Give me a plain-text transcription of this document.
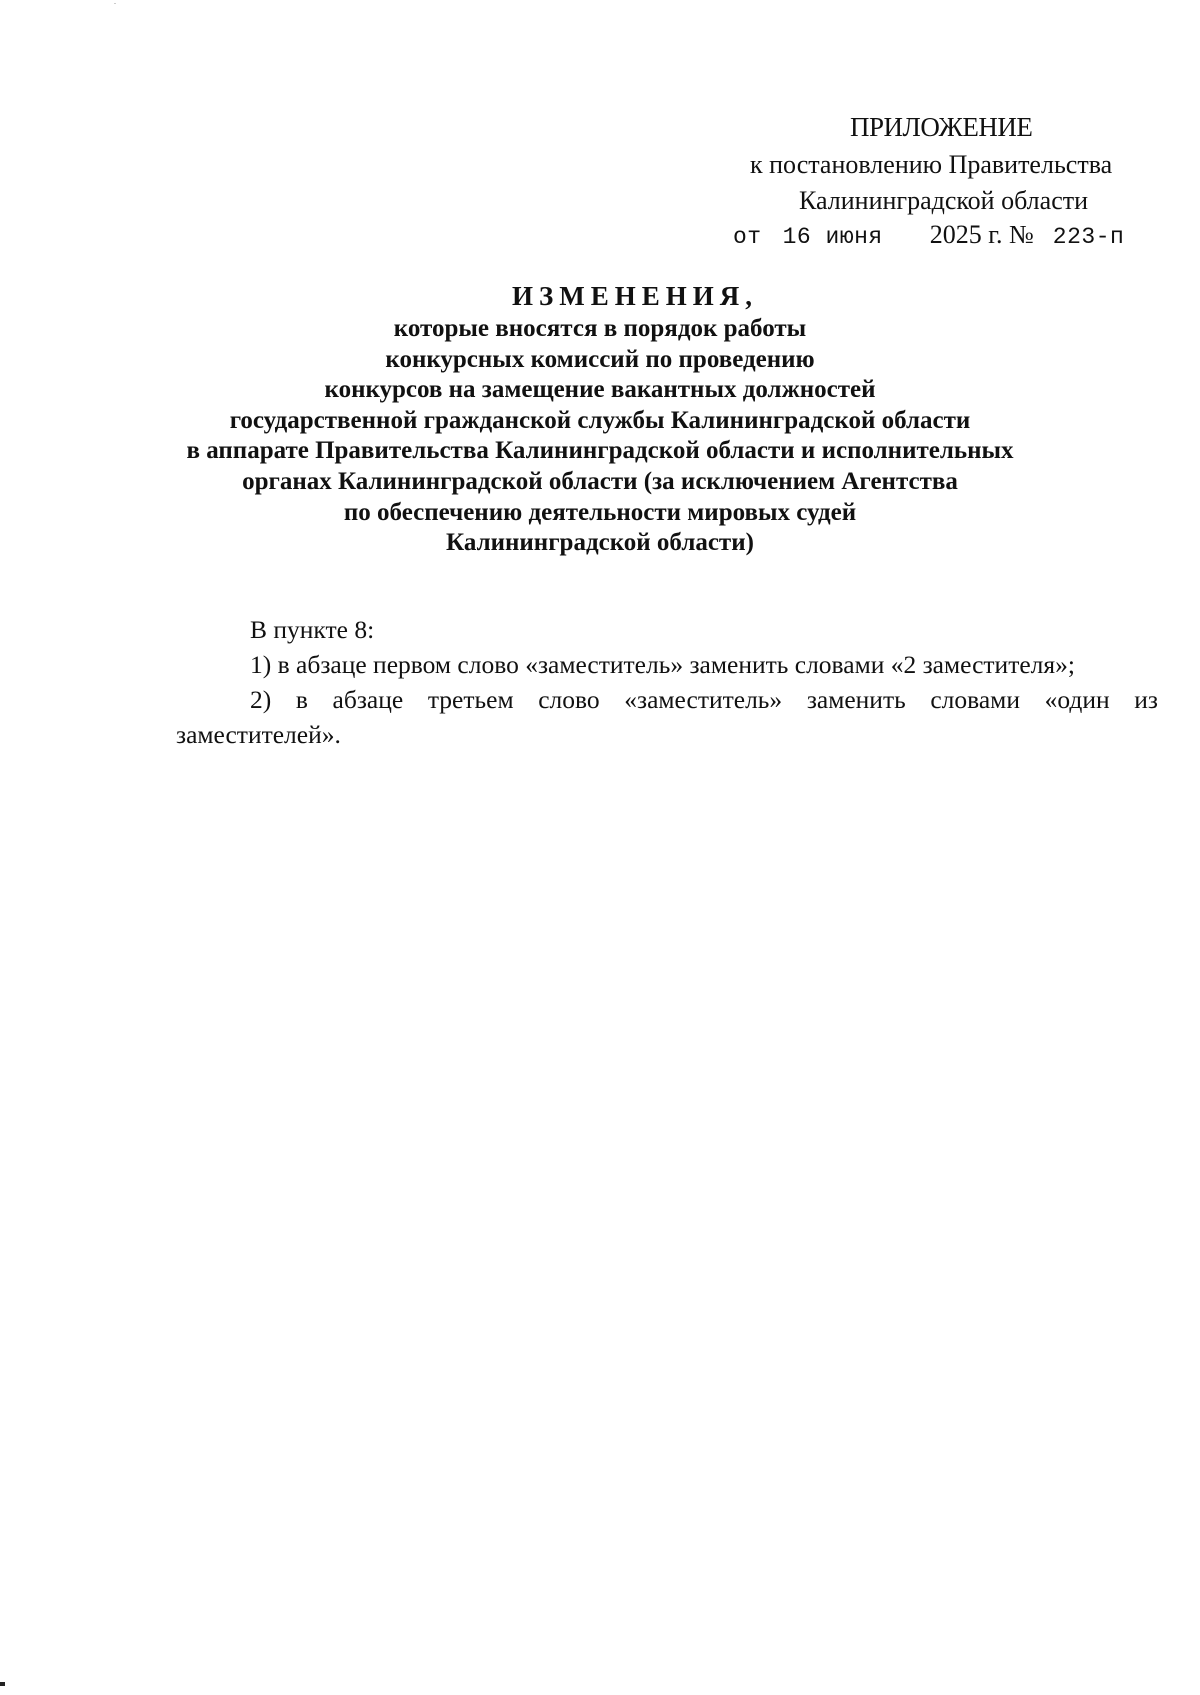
ПРИЛОЖЕНИЕ
к постановлению Правительства
Калининградской области
от 16 июня 2025 г. № 223-п
ИЗМЕНЕНИЯ,
которые вносятся в порядок работы
конкурсных комиссий по проведению
конкурсов на замещение вакантных должностей
государственной гражданской службы Калининградской области
в аппарате Правительства Калининградской области и исполнительных
органах Калининградской области (за исключением Агентства
по обеспечению деятельности мировых судей
Калининградской области)

В пункте 8:

1) в абзаце первом слово «заместитель» заменить словами «2 заместителя»;

2) в абзаце третьем слово «заместитель» заменить словами «один из заместителей».
